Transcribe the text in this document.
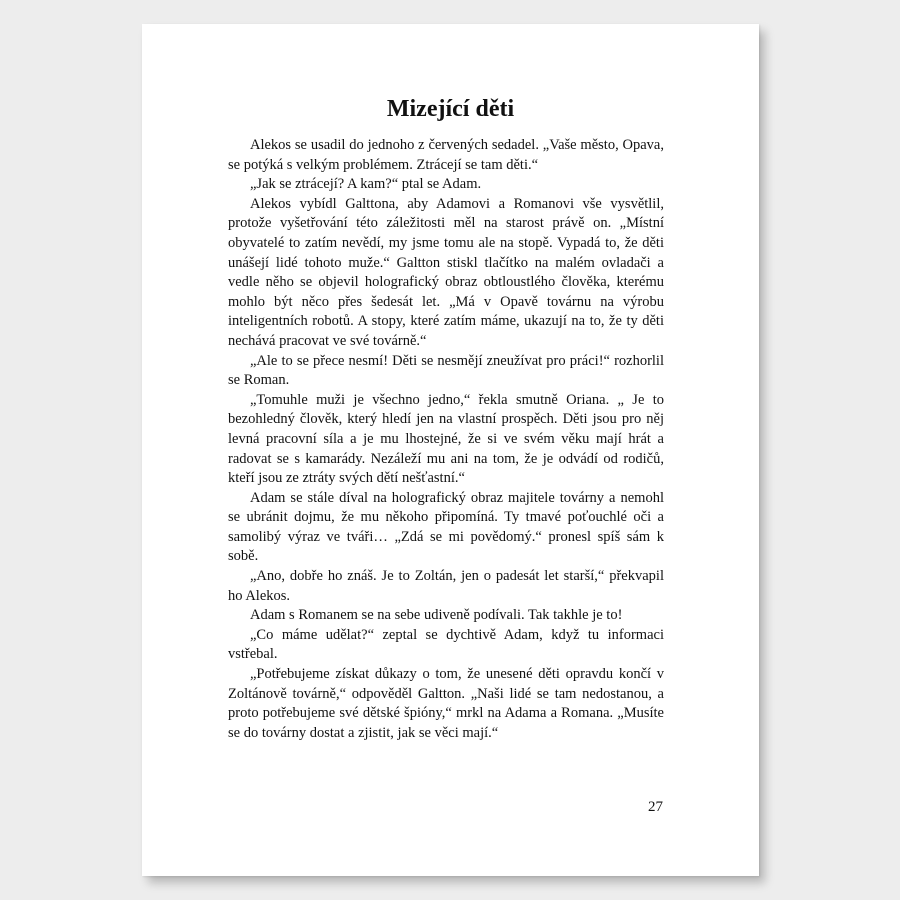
Mizející děti

Alekos se usadil do jednoho z červených sedadel. „Vaše město, Opava, se potýká s velkým problémem. Ztrácejí se tam děti.“

„Jak se ztrácejí? A kam?“ ptal se Adam.

Alekos vybídl Galttona, aby Adamovi a Romanovi vše vysvětlil, protože vyšetřování této záležitosti měl na starost právě on. „Místní obyvatelé to zatím nevědí, my jsme tomu ale na stopě. Vypadá to, že děti unášejí lidé tohoto muže.“ Galtton stiskl tlačítko na malém ovladači a vedle něho se objevil holografický obraz obtloustlého člověka, kterému mohlo být něco přes šedesát let. „Má v Opavě továrnu na výrobu inteligentních robotů. A stopy, které zatím máme, ukazují na to, že ty děti nechává pracovat ve své továrně.“

„Ale to se přece nesmí! Děti se nesmějí zneužívat pro práci!“ rozhorlil se Roman.

„Tomuhle muži je všechno jedno,“ řekla smutně Oriana. „ Je to bezohledný člověk, který hledí jen na vlastní prospěch. Děti jsou pro něj levná pracovní síla a je mu lhostejné, že si ve svém věku mají hrát a radovat se s kamarády. Nezáleží mu ani na tom, že je odvádí od rodičů, kteří jsou ze ztráty svých dětí nešťastní.“

Adam se stále díval na holografický obraz majitele továrny a nemohl se ubránit dojmu, že mu někoho připomíná. Ty tmavé poťouchlé oči a samolibý výraz ve tváři… „Zdá se mi povědomý.“ pronesl spíš sám k sobě.

„Ano, dobře ho znáš. Je to Zoltán, jen o padesát let starší,“ překvapil ho Alekos.

Adam s Romanem se na sebe udiveně podívali. Tak takhle je to!

„Co máme udělat?“ zeptal se dychtivě Adam, když tu informaci vstřebal.

„Potřebujeme získat důkazy o tom, že unesené děti opravdu končí v Zoltánově továrně,“ odpověděl Galtton. „Naši lidé se tam nedostanou, a proto potřebujeme své dětské špióny,“ mrkl na Adama a Romana. „Musíte se do továrny dostat a zjistit, jak se věci mají.“

27
